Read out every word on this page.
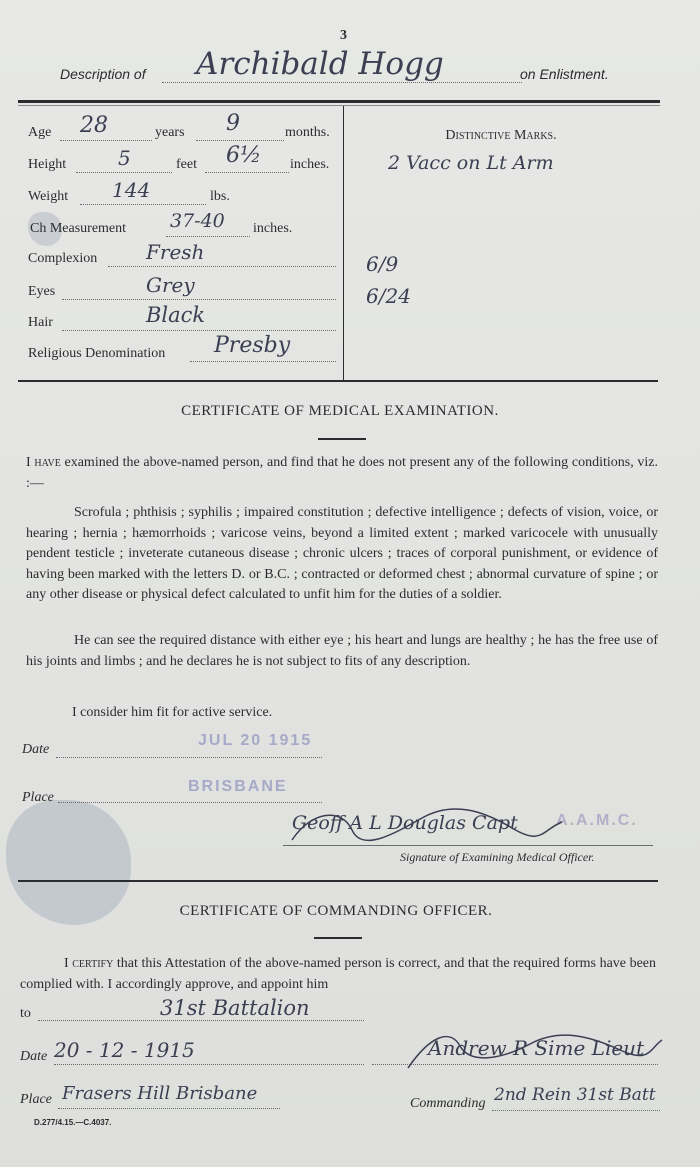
3
Description of Archibald Hogg	on Enlistment.
Age 28	years 9	months.
Height	5	feet 6½ inches.
Weight 144	lbs.
Ch Measurement 37-40 inches.
Complexion Fresh
Eyes	Grey
Hair	Black
Religious Denomination Presby
Distinctive Marks.
2 Vacc on Lt Arm
6/9
6/24
CERTIFICATE OF MEDICAL EXAMINATION.
I have examined the above-named person, and find that he does not present any of the following conditions, viz. :—
Scrofula ; phthisis ; syphilis ; impaired constitution ; defective intelligence ; defects of vision, voice, or hearing ; hernia ; hæmorrhoids ; varicose veins, beyond a limited extent ; marked varicocele with unusually pendent testicle ; inveterate cutaneous disease ; chronic ulcers ; traces of corporal punishment, or evidence of having been marked with the letters D. or B.C. ; contracted or deformed chest ; abnormal curvature of spine ; or any other disease or physical defect calculated to unfit him for the duties of a soldier.
He can see the required distance with either eye ; his heart and lungs are healthy ; he has the free use of his joints and limbs ; and he declares he is not subject to fits of any description.
I consider him fit for active service.
Date
JUL 20 1915
Place
BRISBANE
A.A.M.C.
Geoff A L Douglas Capt
Signature of Examining Medical Officer.
CERTIFICATE OF COMMANDING OFFICER.
I certify that this Attestation of the above-named person is correct, and that the required forms have been complied with. I accordingly approve, and appoint him
to	31st Battalion
Date 20 - 12 - 1915	Andrew R Sime Lieut
Place Frasers Hill Brisbane	Commanding 2nd Rein 31st Batt
D.277/4.15.—C.4037.
